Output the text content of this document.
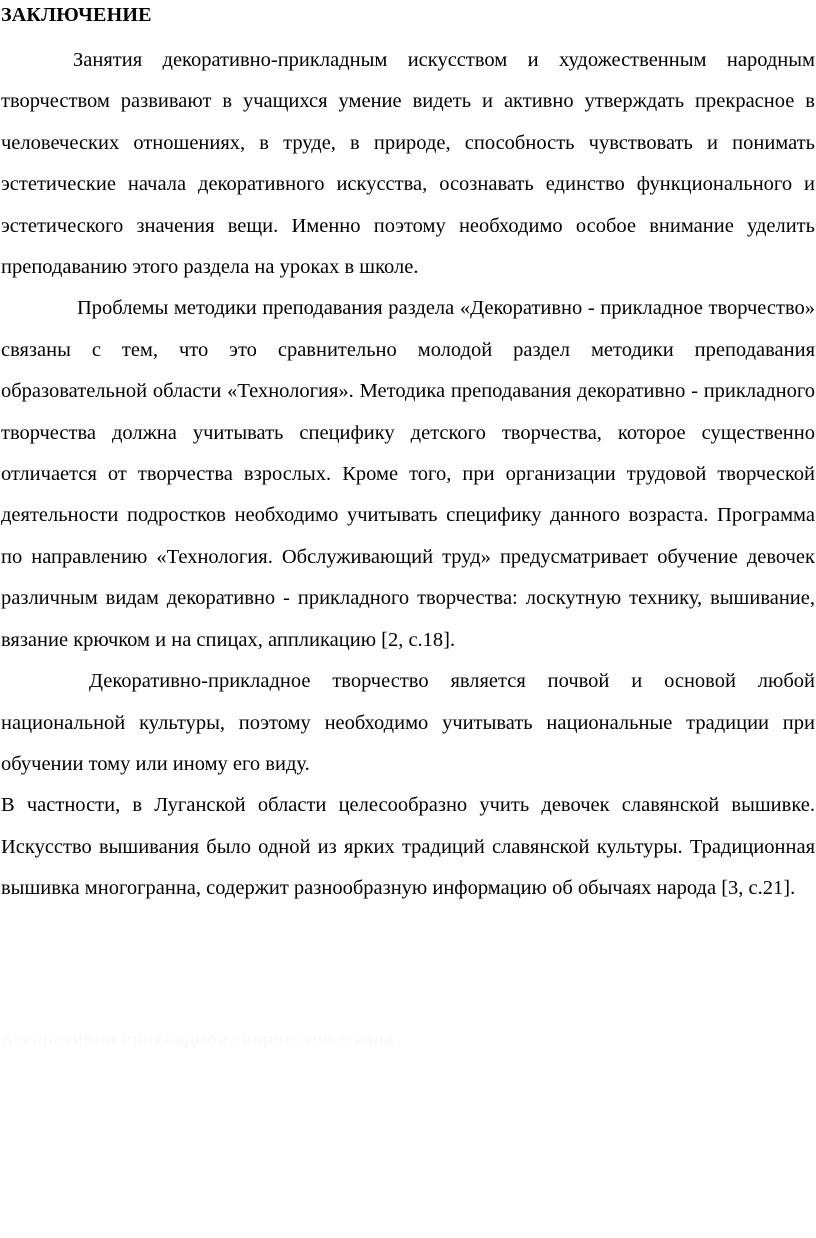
ЗАКЛЮЧЕНИЕ

Занятия декоративно-прикладным искусством и художественным народным творчеством развивают в учащихся умение видеть и активно утверждать прекрасное в человеческих отношениях, в труде, в природе, способность чувствовать и понимать эстетические начала декоративного искусства, осознавать единство функционального и эстетического значения вещи. Именно поэтому необходимо особое внимание уделить преподаванию этого раздела на уроках в школе.

Проблемы методики преподавания раздела «Декоративно - прикладное творчество» связаны с тем, что это сравнительно молодой раздел методики преподавания образовательной области «Технология». Методика преподавания декоративно - прикладного творчества должна учитывать специфику детского творчества, которое существенно отличается от творчества взрослых. Кроме того, при организации трудовой творческой деятельности подростков необходимо учитывать специфику данного возраста. Программа по направлению «Технология. Обслуживающий труд» предусматривает обучение девочек различным видам декоративно - прикладного творчества: лоскутную технику, вышивание, вязание крючком и на спицах, аппликацию [2, с.18].

Декоративно-прикладное творчество является почвой и основой любой национальной культуры, поэтому необходимо учитывать национальные традиции при обучении тому или иному его виду.

В частности, в Луганской области целесообразно учить девочек славянской вышивке. Искусство вышивания было одной из ярких традиций славянской культуры. Традиционная вышивка многогранна, содержит разнообразную информацию об обычаях народа [3, с.21].

декоративно прикладное творчество школа
